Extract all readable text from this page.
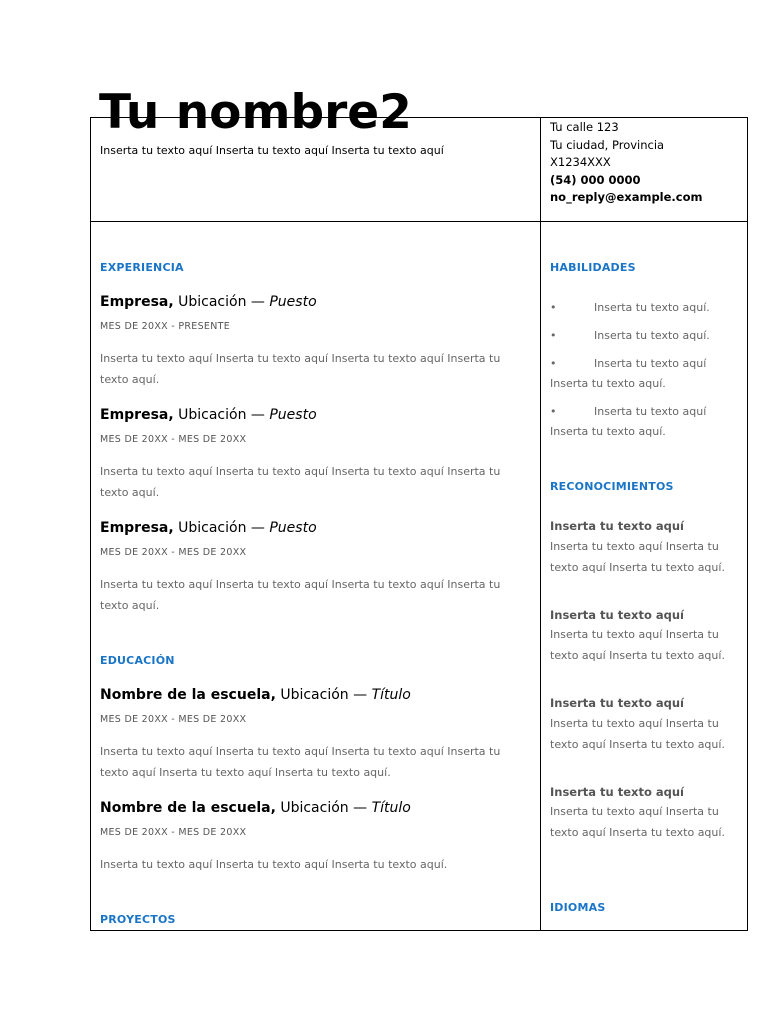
Tu nombre2
Inserta tu texto aquí Inserta tu texto aquí Inserta tu texto aquí
Tu calle 123
Tu ciudad, Provincia
X1234XXX
(54) 000 0000
no_reply@example.com
EXPERIENCIA
Empresa, Ubicación — Puesto
MES DE 20XX - PRESENTE
Inserta tu texto aquí Inserta tu texto aquí Inserta tu texto aquí Inserta tu texto aquí.
Empresa, Ubicación — Puesto
MES DE 20XX - MES DE 20XX
Inserta tu texto aquí Inserta tu texto aquí Inserta tu texto aquí Inserta tu texto aquí.
Empresa, Ubicación — Puesto
MES DE 20XX - MES DE 20XX
Inserta tu texto aquí Inserta tu texto aquí Inserta tu texto aquí Inserta tu texto aquí.
EDUCACIÓN
Nombre de la escuela, Ubicación — Título
MES DE 20XX - MES DE 20XX
Inserta tu texto aquí Inserta tu texto aquí Inserta tu texto aquí Inserta tu texto aquí Inserta tu texto aquí Inserta tu texto aquí.
Nombre de la escuela, Ubicación — Título
MES DE 20XX - MES DE 20XX
Inserta tu texto aquí Inserta tu texto aquí Inserta tu texto aquí.
PROYECTOS
HABILIDADES
•	Inserta tu texto aquí.
•	Inserta tu texto aquí.
•	Inserta tu texto aquí Inserta tu texto aquí.
•	Inserta tu texto aquí Inserta tu texto aquí.
RECONOCIMIENTOS
Inserta tu texto aquí
Inserta tu texto aquí Inserta tu texto aquí Inserta tu texto aquí.
Inserta tu texto aquí
Inserta tu texto aquí Inserta tu texto aquí Inserta tu texto aquí.
Inserta tu texto aquí
Inserta tu texto aquí Inserta tu texto aquí Inserta tu texto aquí.
Inserta tu texto aquí
Inserta tu texto aquí Inserta tu texto aquí Inserta tu texto aquí.
IDIOMAS
